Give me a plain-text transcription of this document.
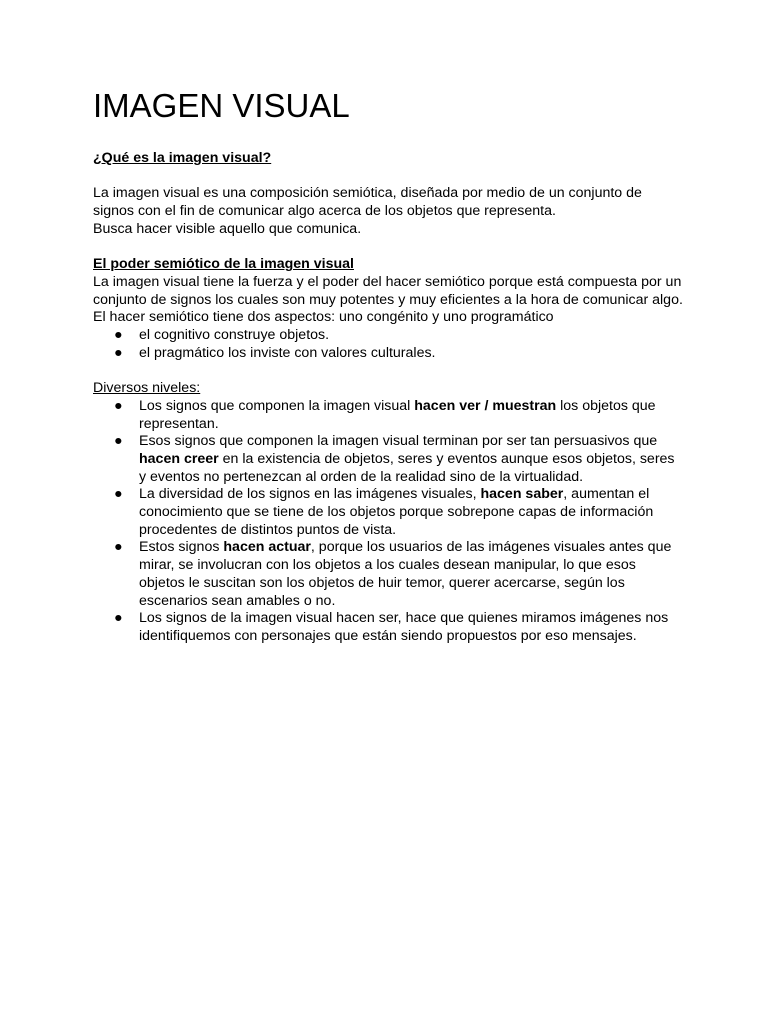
IMAGEN VISUAL

¿Qué es la imagen visual?

La imagen visual es una composición semiótica, diseñada por medio de un conjunto de signos con el fin de comunicar algo acerca de los objetos que representa.

Busca hacer visible aquello que comunica.

El poder semiótico de la imagen visual

La imagen visual tiene la fuerza y el poder del hacer semiótico porque está compuesta por un conjunto de signos los cuales son muy potentes y muy eficientes a la hora de comunicar algo.

El hacer semiótico tiene dos aspectos: uno congénito y uno programático

● el cognitivo construye objetos.
● el pragmático los inviste con valores culturales.

Diversos niveles:

● Los signos que componen la imagen visual hacen ver / muestran los objetos que representan.
● Esos signos que componen la imagen visual terminan por ser tan persuasivos que hacen creer en la existencia de objetos, seres y eventos aunque esos objetos, seres y eventos no pertenezcan al orden de la realidad sino de la virtualidad.
● La diversidad de los signos en las imágenes visuales, hacen saber, aumentan el conocimiento que se tiene de los objetos porque sobrepone capas de información procedentes de distintos puntos de vista.
● Estos signos hacen actuar, porque los usuarios de las imágenes visuales antes que mirar, se involucran con los objetos a los cuales desean manipular, lo que esos objetos le suscitan son los objetos de huir temor, querer acercarse, según los escenarios sean amables o no.
● Los signos de la imagen visual hacen ser, hace que quienes miramos imágenes nos identifiquemos con personajes que están siendo propuestos por eso mensajes.
